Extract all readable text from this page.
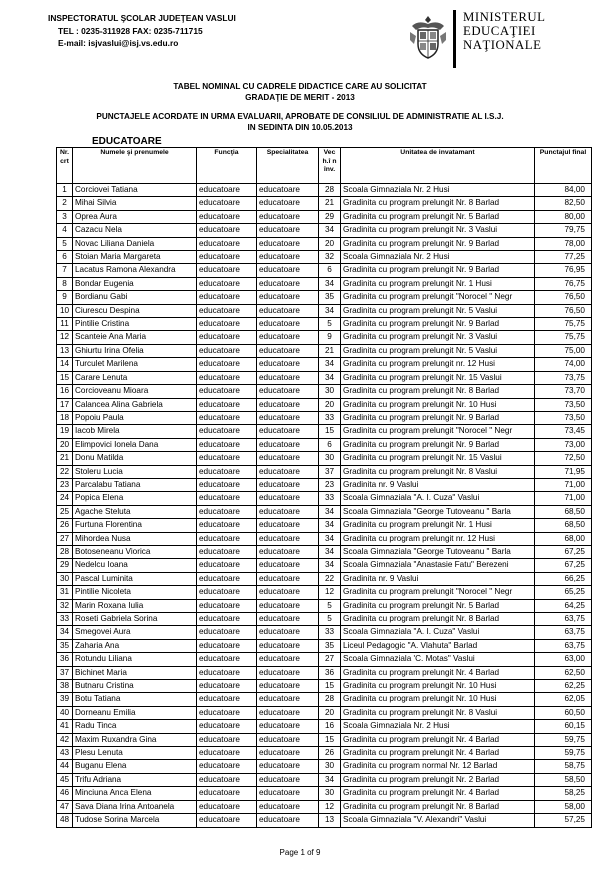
INSPECTORATUL ŞCOLAR JUDEŢEAN VASLUI
TEL : 0235-311928 FAX: 0235-711715
E-mail: isjvaslui@isj.vs.edu.ro
MINISTERUL
EDUCAŢIEI
NAŢIONALE
TABEL NOMINAL CU CADRELE DIDACTICE CARE AU SOLICITAT
GRADAŢIE DE MERIT - 2013
PUNCTAJELE ACORDATE IN URMA EVALUARII, APROBATE DE CONSILIUL DE ADMINISTRATIE AL I.S.J.
IN SEDINTA DIN 10.05.2013
EDUCATOARE
Nr. crt	Numele şi prenumele	Funcţia	Specialitatea	Vech.î n înv.	Unitatea de invatamant	Punctajul final
1	Corciovei Tatiana	educatoare	educatoare	28	Scoala Gimnaziala Nr. 2 Husi	84,00
2	Mihai Silvia	educatoare	educatoare	21	Gradinita cu program prelungit Nr. 8 Barlad	82,50
3	Oprea Aura	educatoare	educatoare	29	Gradinita cu program prelungit Nr. 5 Barlad	80,00
4	Cazacu Nela	educatoare	educatoare	34	Gradinita cu program prelungit Nr. 3 Vaslui	79,75
5	Novac Liliana Daniela	educatoare	educatoare	20	Gradinita cu program prelungit Nr. 9 Barlad	78,00
6	Stoian Maria Margareta	educatoare	educatoare	32	Scoala Gimnaziala Nr. 2 Husi	77,25
7	Lacatus Ramona Alexandra	educatoare	educatoare	6	Gradinita cu program prelungit Nr. 9 Barlad	76,95
8	Bondar Eugenia	educatoare	educatoare	34	Gradinita cu program prelungit Nr. 1 Husi	76,75
9	Bordianu Gabi	educatoare	educatoare	35	Gradinita cu program prelungit "Norocel " Negr	76,50
10	Ciurescu Despina	educatoare	educatoare	34	Gradinita cu program prelungit Nr. 5 Vaslui	76,50
11	Pintilie Cristina	educatoare	educatoare	5	Gradinita cu program prelungit Nr. 9 Barlad	75,75
12	Scanteie Ana Maria	educatoare	educatoare	9	Gradinita cu program prelungit Nr. 3 Vaslui	75,75
13	Ghiurtu Irina Ofelia	educatoare	educatoare	21	Gradinita cu program prelungit Nr. 5 Vaslui	75,00
14	Turculet Marilena	educatoare	educatoare	34	Gradinita cu program prelungit nr. 12 Husi	74,00
15	Carare Lenuta	educatoare	educatoare	34	Gradinita cu program prelungit Nr. 15 Vaslui	73,75
16	Corcioveanu Mioara	educatoare	educatoare	30	Gradinita cu program prelungit Nr. 8 Barlad	73,70
17	Calancea Alina Gabriela	educatoare	educatoare	20	Gradinita cu program prelungit Nr. 10 Husi	73,50
18	Popoiu Paula	educatoare	educatoare	33	Gradinita cu program prelungit Nr. 9 Barlad	73,50
19	Iacob Mirela	educatoare	educatoare	15	Gradinita cu program prelungit "Norocel " Negr	73,45
20	Elimpovici Ionela Dana	educatoare	educatoare	6	Gradinita cu program prelungit Nr. 9 Barlad	73,00
21	Donu Matilda	educatoare	educatoare	30	Gradinita cu program prelungit Nr. 15 Vaslui	72,50
22	Stoleru Lucia	educatoare	educatoare	37	Gradinita cu program prelungit Nr. 8 Vaslui	71,95
23	Parcalabu Tatiana	educatoare	educatoare	23	Gradinita nr. 9 Vaslui	71,00
24	Popica Elena	educatoare	educatoare	33	Scoala Gimnaziala "A. I. Cuza" Vaslui	71,00
25	Agache Steluta	educatoare	educatoare	34	Scoala Gimnaziala "George Tutoveanu " Barla	68,50
26	Furtuna Florentina	educatoare	educatoare	34	Gradinita cu program prelungit Nr. 1 Husi	68,50
27	Mihordea Nusa	educatoare	educatoare	34	Gradinita cu program prelungit nr. 12 Husi	68,00
28	Botoseneanu Viorica	educatoare	educatoare	34	Scoala Gimnaziala "George Tutoveanu " Barla	67,25
29	Nedelcu Ioana	educatoare	educatoare	34	Scoala Gimnaziala "Anastasie Fatu" Berezeni	67,25
30	Pascal Luminita	educatoare	educatoare	22	Gradinita nr. 9 Vaslui	66,25
31	Pintilie Nicoleta	educatoare	educatoare	12	Gradinita cu program prelungit "Norocel " Negr	65,25
32	Marin Roxana Iulia	educatoare	educatoare	5	Gradinita cu program prelungit Nr. 5 Barlad	64,25
33	Roseti Gabriela Sorina	educatoare	educatoare	5	Gradinita cu program prelungit Nr. 8 Barlad	63,75
34	Smegovei Aura	educatoare	educatoare	33	Scoala Gimnaziala "A. I. Cuza" Vaslui	63,75
35	Zaharia Ana	educatoare	educatoare	35	Liceul Pedagogic "A. Vlahuta" Barlad	63,75
36	Rotundu Liliana	educatoare	educatoare	27	Scoala Gimnaziala 'C. Motas" Vaslui	63,00
37	Bichinet Maria	educatoare	educatoare	36	Gradinita cu program prelungit Nr. 4 Barlad	62,50
38	Butnaru Cristina	educatoare	educatoare	15	Gradinita cu program prelungit Nr. 10 Husi	62,25
39	Botu Tatiana	educatoare	educatoare	28	Gradinita cu program prelungit Nr. 10 Husi	62,05
40	Dorneanu Emilia	educatoare	educatoare	20	Gradinita cu program prelungit Nr. 8 Vaslui	60,50
41	Radu Tinca	educatoare	educatoare	16	Scoala Gimnaziala Nr. 2 Husi	60,15
42	Maxim Ruxandra Gina	educatoare	educatoare	15	Gradinita cu program prelungit Nr. 4 Barlad	59,75
43	Plesu Lenuta	educatoare	educatoare	26	Gradinita cu program prelungit Nr. 4 Barlad	59,75
44	Buganu Elena	educatoare	educatoare	30	Gradinita cu program normal Nr. 12 Barlad	58,75
45	Trifu Adriana	educatoare	educatoare	34	Gradinita cu program prelungit Nr. 2 Barlad	58,50
46	Minciuna Anca Elena	educatoare	educatoare	30	Gradinita cu program prelungit Nr. 4 Barlad	58,25
47	Sava Diana Irina Antoanela	educatoare	educatoare	12	Gradinita cu program prelungit Nr. 8 Barlad	58,00
48	Tudose Sorina Marcela	educatoare	educatoare	13	Scoala Gimnaziala "V. Alexandri" Vaslui	57,25
Page 1 of 9
